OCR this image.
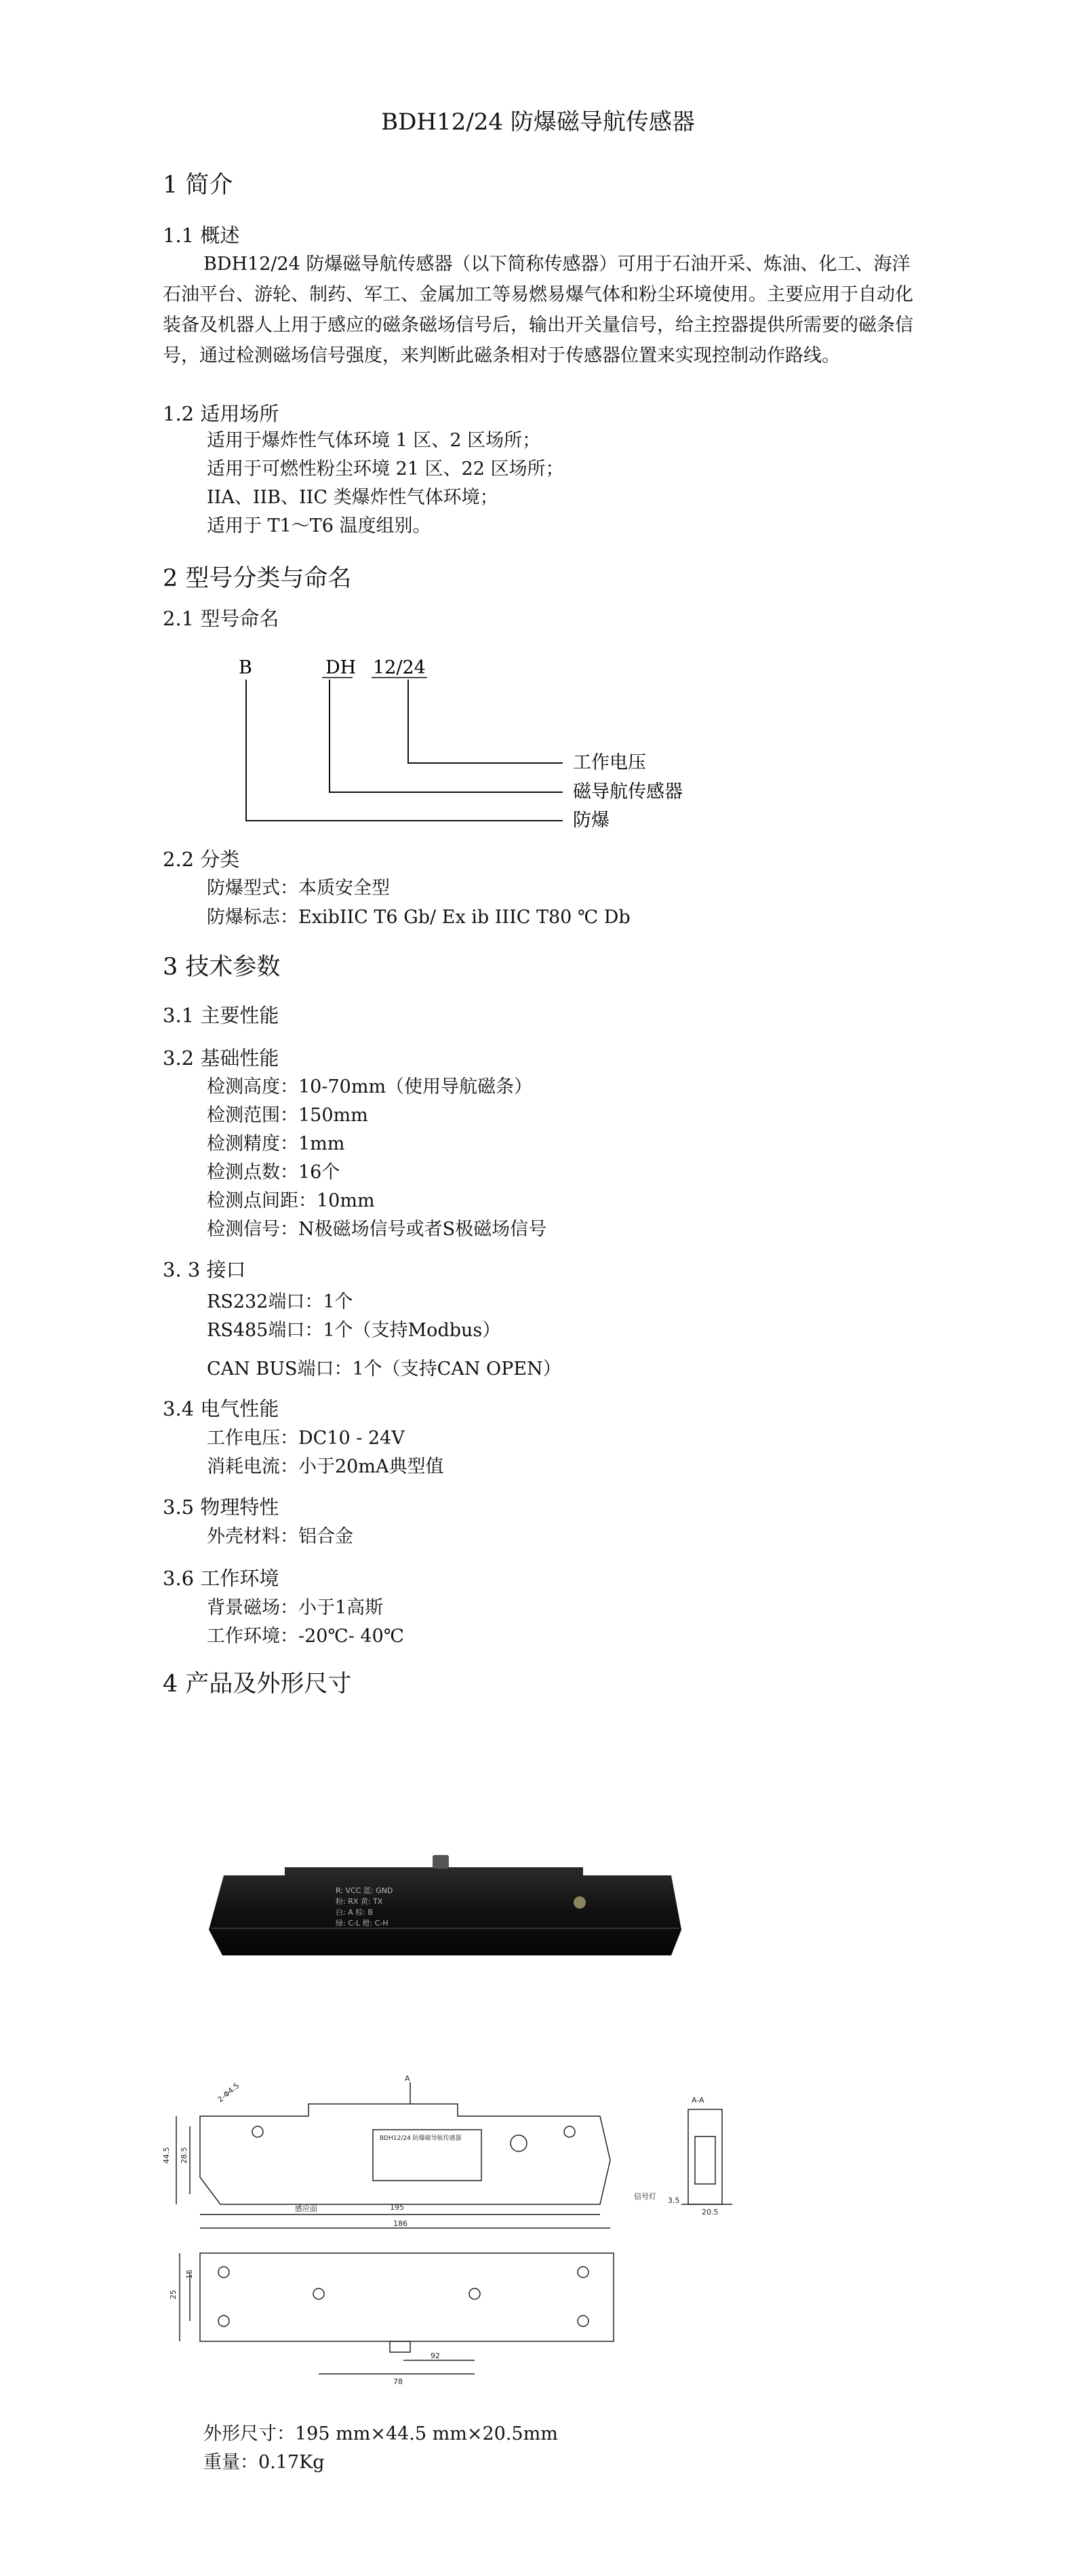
BDH12/24 防爆磁导航传感器
1 简介
1.1 概述
BDH12/24 防爆磁导航传感器（以下简称传感器）可用于石油开采、炼油、化工、海洋石油平台、游轮、制药、军工、金属加工等易燃易爆气体和粉尘环境使用。主要应用于自动化装备及机器人上用于感应的磁条磁场信号后，输出开关量信号，给主控器提供所需要的磁条信号，通过检测磁场信号强度，来判断此磁条相对于传感器位置来实现控制动作路线。
1.2 适用场所
适用于爆炸性气体环境 1 区、2 区场所；
适用于可燃性粉尘环境 21 区、22 区场所；
IIA、IIB、IIC 类爆炸性气体环境；
适用于 T1～T6 温度组别。
2 型号分类与命名
2.1 型号命名
B	DH 12/24
工作电压
磁导航传感器
防爆
2.2 分类
防爆型式：本质安全型
防爆标志：ExibIIC T6 Gb/ Ex ib IIIC T80 ℃ Db
3 技术参数
3.1 主要性能
3.2 基础性能
检测高度：10-70mm（使用导航磁条）
检测范围：150mm
检测精度：1mm
检测点数：16个
检测点间距：10mm
检测信号：N极磁场信号或者S极磁场信号
3. 3 接口
RS232端口：1个
RS485端口：1个（支持Modbus）
CAN BUS端口：1个（支持CAN OPEN）
3.4 电气性能
工作电压：DC10 - 24V
消耗电流：小于20mA典型值
3.5 物理特性
外壳材料：铝合金
3.6 工作环境
背景磁场：小于1高斯
工作环境：-20℃- 40℃
4 产品及外形尺寸
R: VCC 蓝: GND
粉: RX 黄: TX
白: A 棕: B
绿: C-L 橙: C-H
A
A-A
2-Φ4.5
44.5 28.5
195
186
感应面
信号灯 3.5
20.5
25
15
78
92
BDH12/24 防爆磁导航传感器
外形尺寸：195 mm×44.5 mm×20.5mm
重量：0.17Kg
